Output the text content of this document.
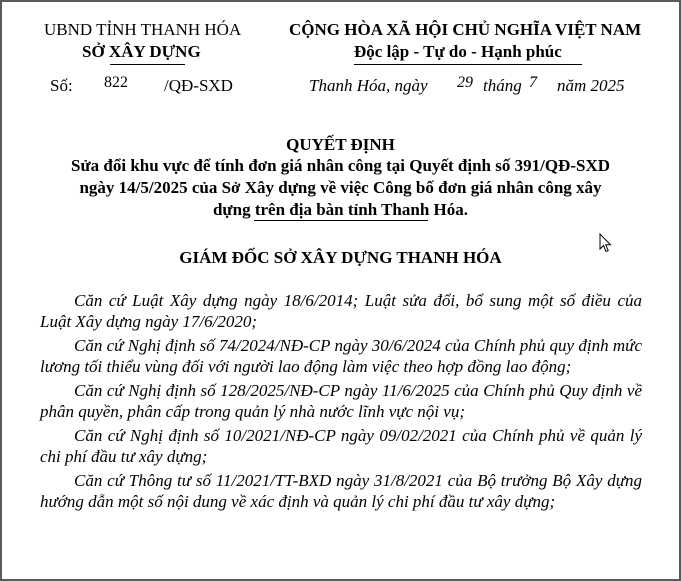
UBND TỈNH THANH HÓA
SỞ XÂY DỰNG
Số: 822 /QĐ-SXD
CỘNG HÒA XÃ HỘI CHỦ NGHĨA VIỆT NAM
Độc lập - Tự do - Hạnh phúc
Thanh Hóa, ngày 29 tháng 7 năm 2025
QUYẾT ĐỊNH
Sửa đổi khu vực để tính đơn giá nhân công tại Quyết định số 391/QĐ-SXD
ngày 14/5/2025 của Sở Xây dựng về việc Công bố đơn giá nhân công xây
dựng trên địa bàn tỉnh Thanh Hóa.
GIÁM ĐỐC SỞ XÂY DỰNG THANH HÓA

Căn cứ Luật Xây dựng ngày 18/6/2014; Luật sửa đổi, bổ sung một số điều của Luật Xây dựng ngày 17/6/2020;

Căn cứ Nghị định số 74/2024/NĐ-CP ngày 30/6/2024 của Chính phủ quy định mức lương tối thiểu vùng đối với người lao động làm việc theo hợp đồng lao động;

Căn cứ Nghị định số 128/2025/NĐ-CP ngày 11/6/2025 của Chính phủ Quy định về phân quyền, phân cấp trong quản lý nhà nước lĩnh vực nội vụ;

Căn cứ Nghị định số 10/2021/NĐ-CP ngày 09/02/2021 của Chính phủ về quản lý chi phí đầu tư xây dựng;

Căn cứ Thông tư số 11/2021/TT-BXD ngày 31/8/2021 của Bộ trưởng Bộ Xây dựng hướng dẫn một số nội dung về xác định và quản lý chi phí đầu tư xây dựng;
